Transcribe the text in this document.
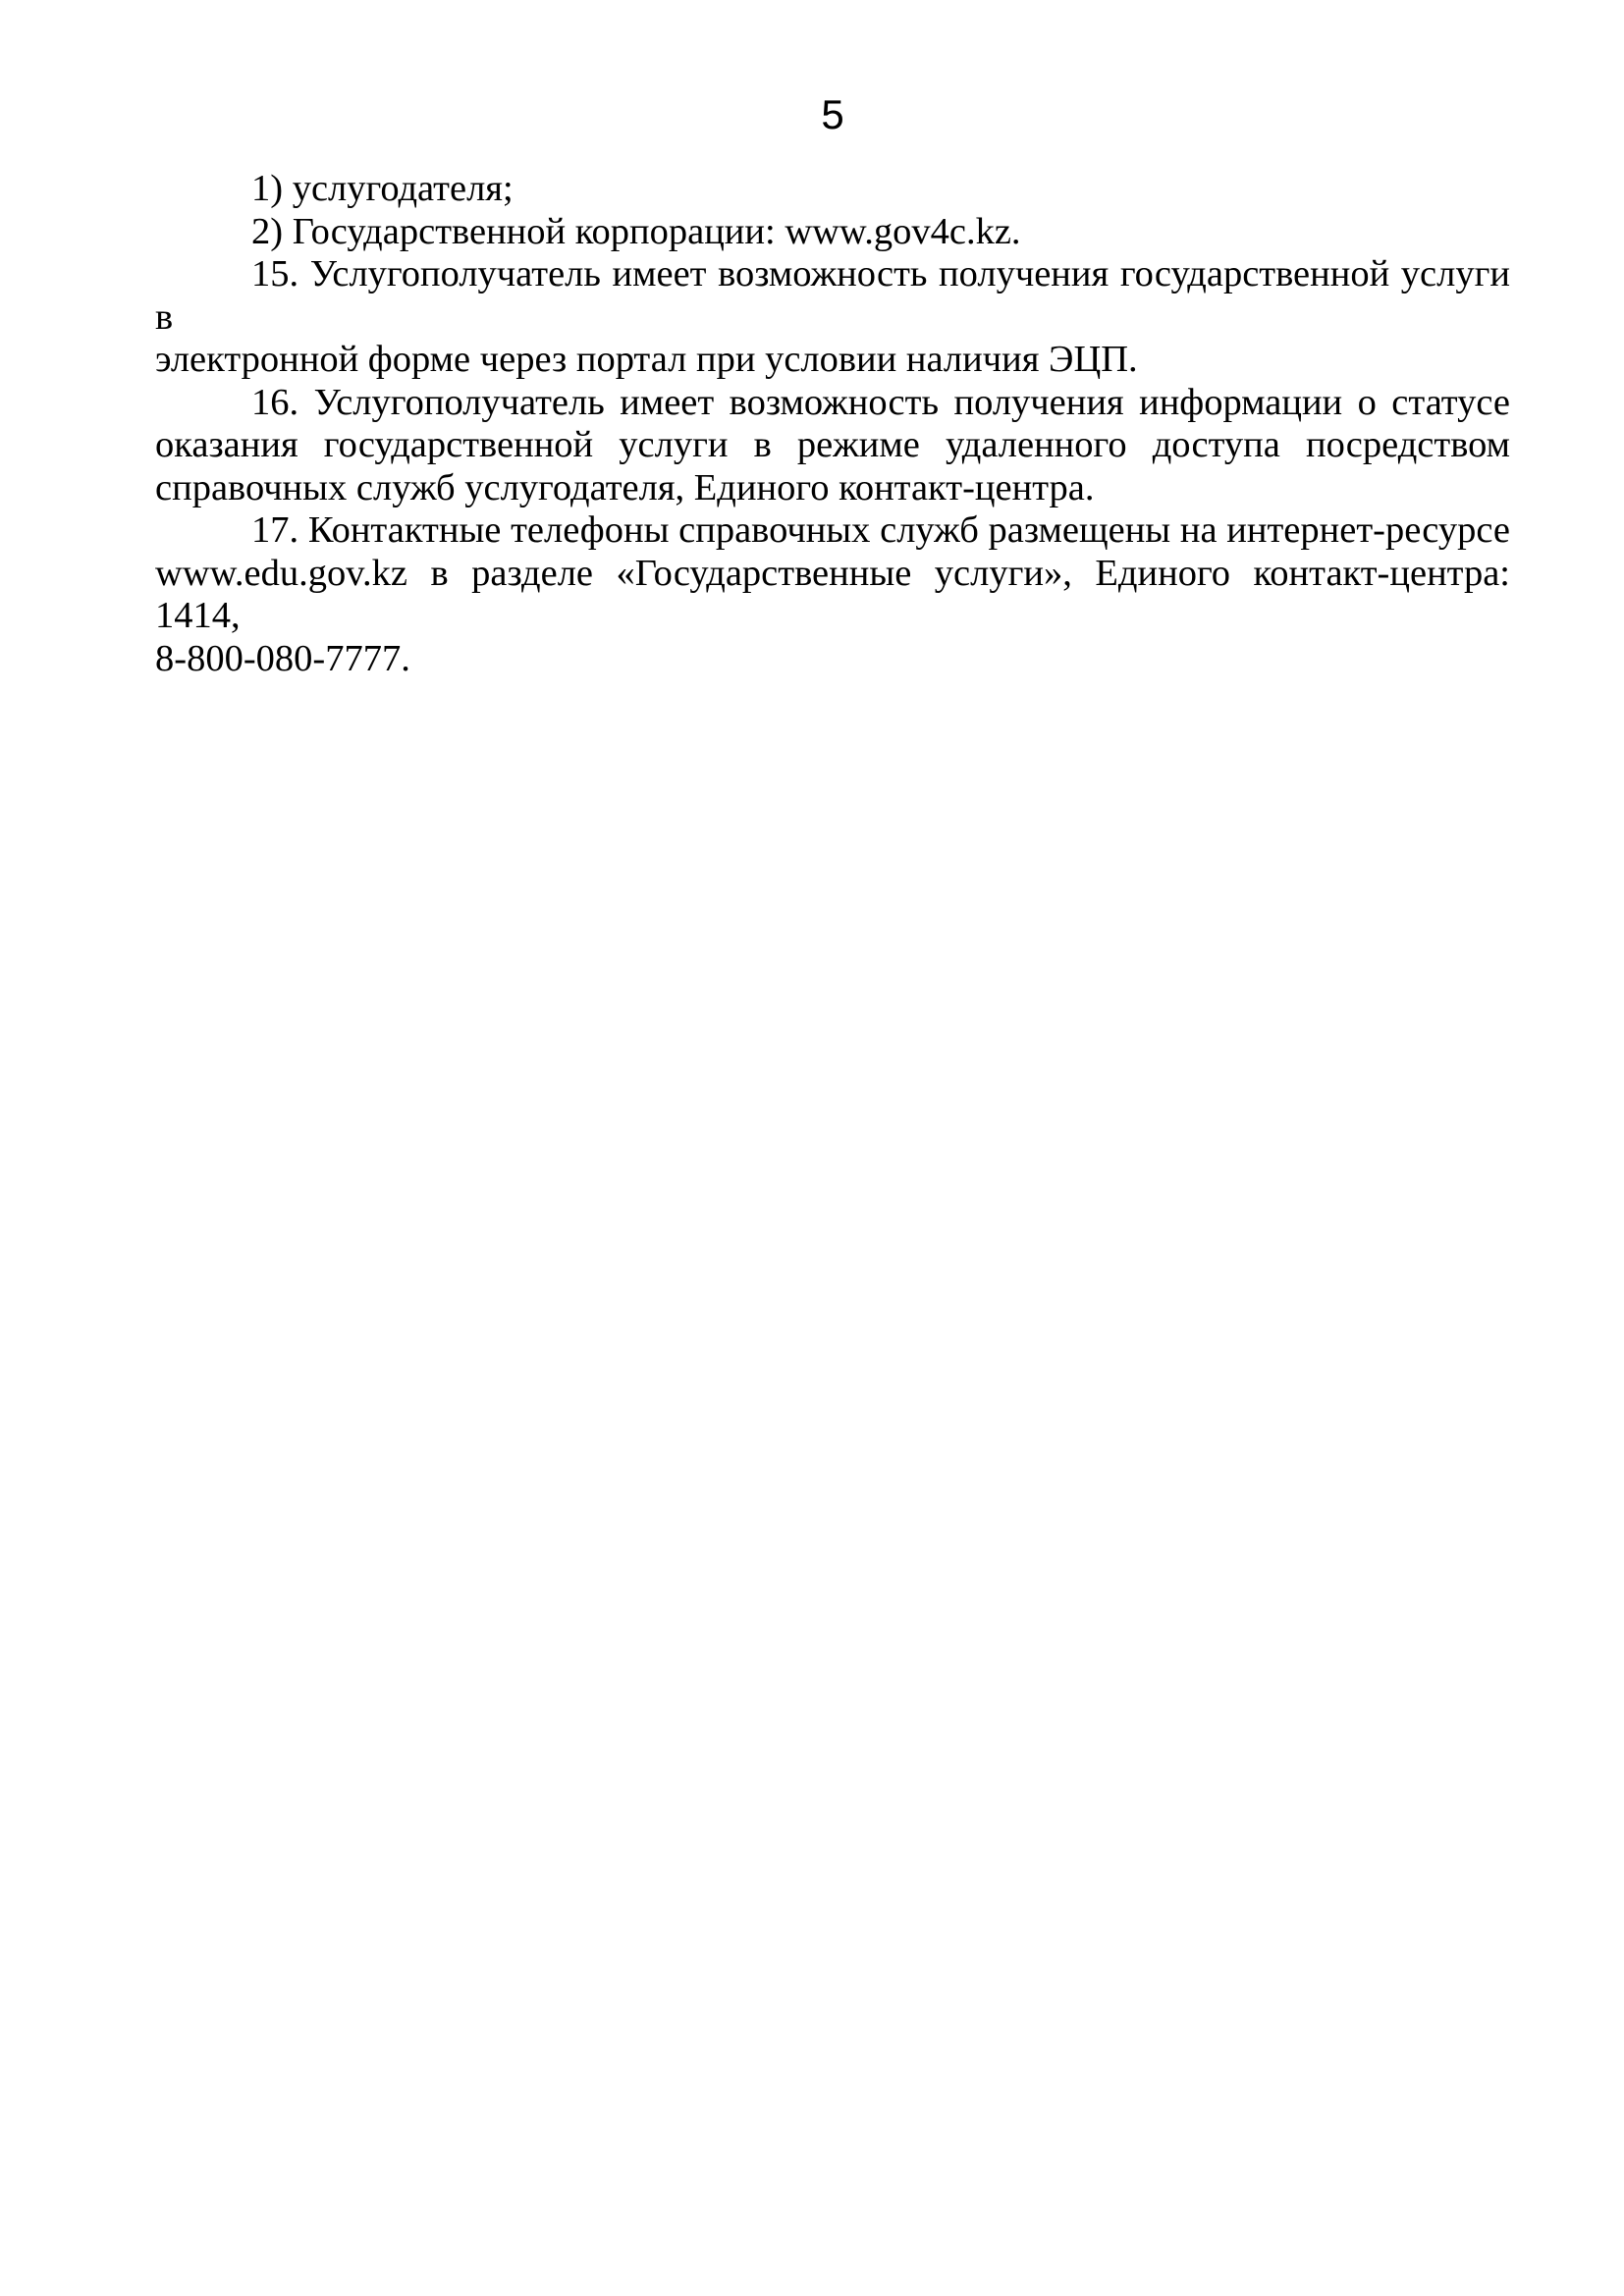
5

1) услугодателя;

2) Государственной корпорации: www.gov4c.kz.

15. Услугополучатель имеет возможность получения государственной услуги в

электронной форме через портал при условии наличия ЭЦП.

16. Услугополучатель имеет возможность получения информации о статусе

оказания государственной услуги в режиме удаленного доступа посредством

справочных служб услугодателя, Единого контакт-центра.

17. Контактные телефоны справочных служб размещены на интернет-ресурсе

www.edu.gov.kz в разделе «Государственные услуги», Единого контакт-центра: 1414,

8-800-080-7777.
